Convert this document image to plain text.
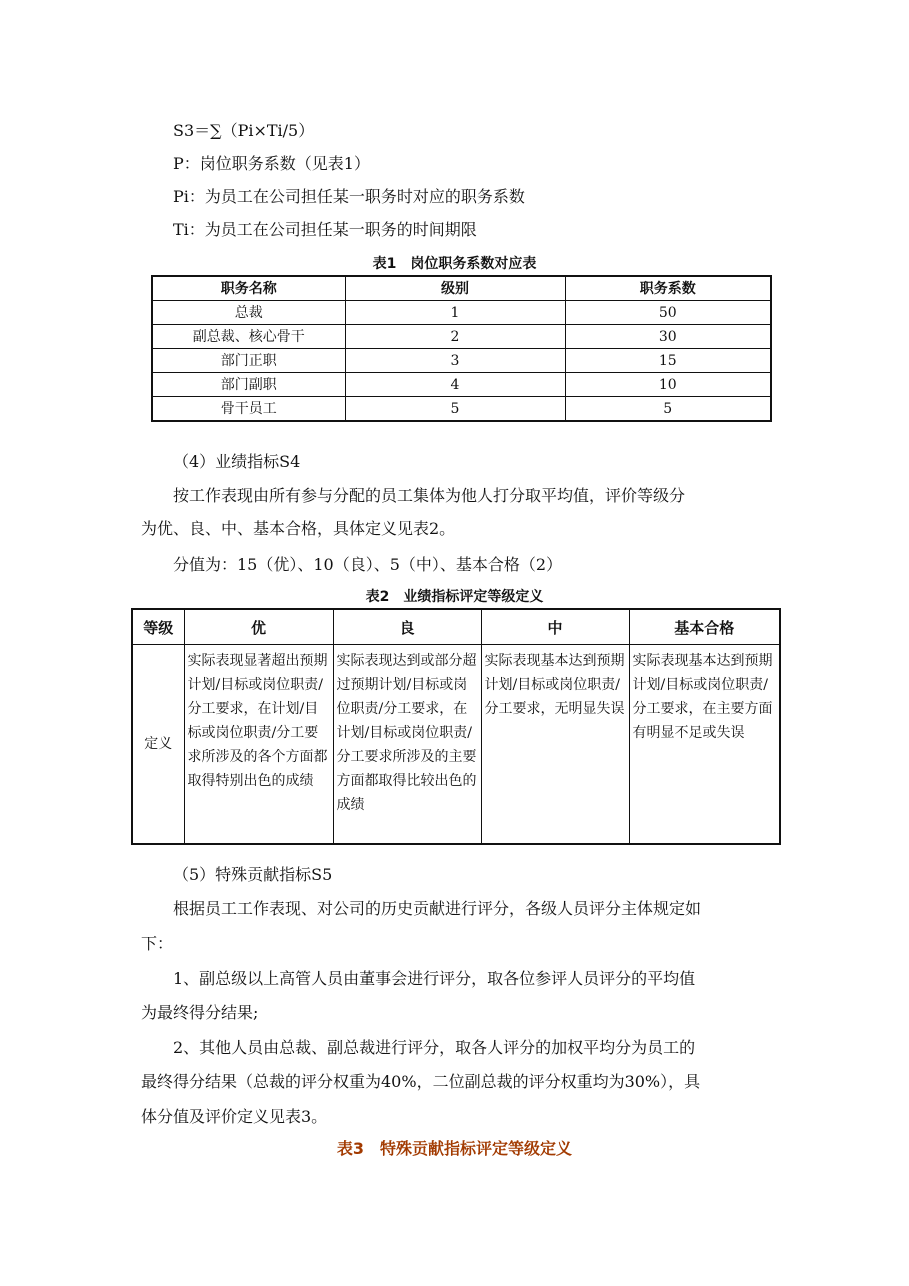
S3＝∑（Pi×Ti/5）
P：岗位职务系数（见表1）
Pi：为员工在公司担任某一职务时对应的职务系数
Ti：为员工在公司担任某一职务的时间期限
表1　岗位职务系数对应表
职务名称	级别	职务系数
总裁	1	50
副总裁、核心骨干	2	30
部门正职	3	15
部门副职	4	10
骨干员工	5	5
（4）业绩指标S4
按工作表现由所有参与分配的员工集体为他人打分取平均值，评价等级分
为优、良、中、基本合格，具体定义见表2。
分值为：15（优）、10（良）、5（中）、基本合格（2）
表2　业绩指标评定等级定义
等级	优	良	中	基本合格
定义	实际表现显著超出预期计划/目标或岗位职责/分工要求，在计划/目标或岗位职责/分工要求所涉及的各个方面都取得特别出色的成绩	实际表现达到或部分超过预期计划/目标或岗位职责/分工要求，在计划/目标或岗位职责/分工要求所涉及的主要方面都取得比较出色的成绩	实际表现基本达到预期计划/目标或岗位职责/分工要求，无明显失误	实际表现基本达到预期计划/目标或岗位职责/分工要求，在主要方面有明显不足或失误
（5）特殊贡献指标S5
根据员工工作表现、对公司的历史贡献进行评分，各级人员评分主体规定如
下：
1、副总级以上高管人员由董事会进行评分，取各位参评人员评分的平均值
为最终得分结果;
2、其他人员由总裁、副总裁进行评分，取各人评分的加权平均分为员工的
最终得分结果（总裁的评分权重为40%，二位副总裁的评分权重均为30%），具
体分值及评价定义见表3。
表3　特殊贡献指标评定等级定义
